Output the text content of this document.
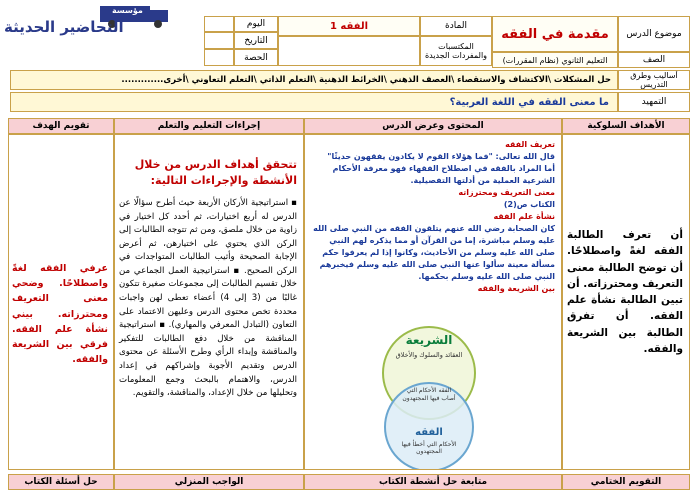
مؤسسة
التحاضير الحديثة	موضوع الدرس
مقدمة في الفقه
المادة
المكتسبات والمفردات الجديدة
الفقه 1
اليوم
التاريخ
الحصة	الصف
التعليم الثانوي (نظام المقررات)
أساليب وطرق التدريس
حل المشكلات \الاكتشاف والاستقصاء \العصف الذهني \الخرائط الذهنية \التعلم الذاتي \التعلم التعاوني \أخرى.............
التمهيد
ما معنى الفقه في اللغة العربية؟
الأهداف السلوكية
المحتوى وعرض الدرس
إجراءات التعليم والتعلم
تقويم الهدف
أن تعرف الطالبة الفقه لغةً واصطلاحًا. أن توضح الطالبة معنى التعريف ومحترزاته. أن تبين الطالبة نشأة علم الفقه. أن تفرق الطالبة بين الشريعة والفقه.
تعريف الفقه
قال الله تعالى: "فما هؤلاء القوم لا يكادون يفقهون حديثًا"
أما المراد بالفقه في اصطلاح الفقهاء فهو معرفة الأحكام الشرعية العملية من أدلتها التفصيلية.
معنى التعريف ومحترزاته
الكتاب ص(2)
نشأة علم الفقه
كان الصحابة رضي الله عنهم يتلقون الفقه من النبي صلى الله عليه وسلم مباشرة، إما من القرآن أو مما يذكره لهم النبي صلى الله عليه وسلم من الأحاديث، وكانوا إذا لم يعرفوا حكم مسألة معينة سألوا عنها النبي صلى الله عليه وسلم فيخبرهم النبي صلى الله عليه وسلم بحكمها.
بين الشريعة والفقه
الشريعة
العقائد والسلوك والأخلاق
الفقه الأحكام التي أصاب فيها المجتهدون
الفقه
الأحكام التي أخطأ فيها المجتهدون
تتحقق أهداف الدرس من خلال الأنشطة والإجراءات التالية:
▪ استراتيجية الأركان الأربعة حيث أطرح سؤالًا عن الدرس له أربع اختيارات، ثم أحدد كل اختيار في زاوية من خلال ملصق، ومن ثم تتوجه الطالبات إلى الركن الذي يحتوي على اختيارهن، ثم أعرض الإجابة الصحيحة وأثيب الطالبات المتواجدات في الركن الصحيح. ▪ استراتيجية العمل الجماعي من خلال تقسيم الطالبات إلى مجموعات صغيرة تتكون غالبًا من (3 إلى 4) أعضاء تعطى لهن واجبات محددة تخص محتوى الدرس وعليهن الاعتماد على التعاون (التبادل المعرفي والمهاري). ▪ استراتيجية المناقشة من خلال دفع الطالبات للتفكير والمناقشة وإبداء الرأي وطرح الأسئلة عن محتوى الدرس وتقديم الأجوبة وإشراكهم في إعداد الدرس، والاهتمام بالبحث وجمع المعلومات وتحليلها من خلال الإعداد، والمناقشة، والتقويم.
عرفي الفقه لغةً واصطلاحًا. وضحي معنى التعريف ومحترزاته. بيني نشأة علم الفقه. فرقي بين الشريعة والفقه.
التقويم الختامي
متابعة حل أنشطة الكتاب
الواجب المنزلي
حل أسئلة الكتاب
